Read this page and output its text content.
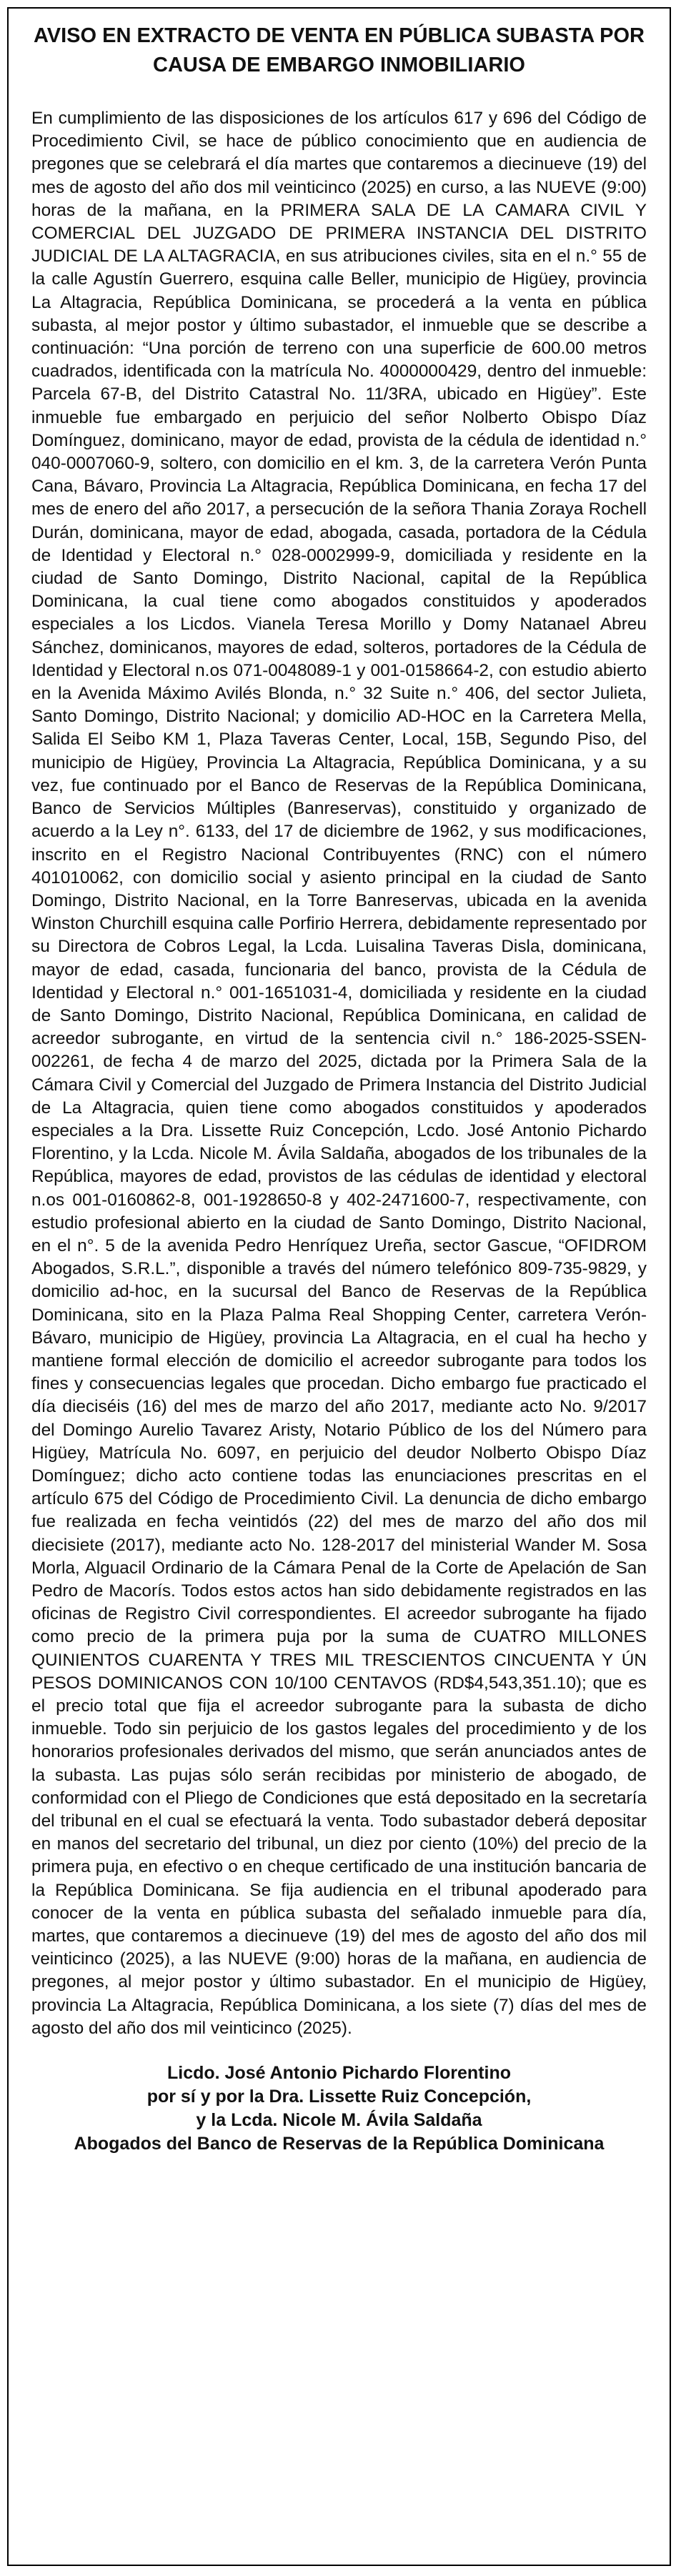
AVISO EN EXTRACTO DE VENTA EN PÚBLICA SUBASTA POR CAUSA DE EMBARGO INMOBILIARIO

En cumplimiento de las disposiciones de los artículos 617 y 696 del Código de Procedimiento Civil, se hace de público conocimiento que en audiencia de pregones que se celebrará el día martes que contaremos a diecinueve (19) del mes de agosto del año dos mil veinticinco (2025) en curso, a las NUEVE (9:00) horas de la mañana, en la PRIMERA SALA DE LA CAMARA CIVIL Y COMERCIAL DEL JUZGADO DE PRIMERA INSTANCIA DEL DISTRITO JUDICIAL DE LA ALTAGRACIA, en sus atribuciones civiles, sita en el n.° 55 de la calle Agustín Guerrero, esquina calle Beller, municipio de Higüey, provincia La Altagracia, República Dominicana, se procederá a la venta en pública subasta, al mejor postor y último subastador, el inmueble que se describe a continuación: “Una porción de terreno con una superficie de 600.00 metros cuadrados, identificada con la matrícula No. 4000000429, dentro del inmueble: Parcela 67-B, del Distrito Catastral No. 11/3RA, ubicado en Higüey”. Este inmueble fue embargado en perjuicio del señor Nolberto Obispo Díaz Domínguez, dominicano, mayor de edad, provista de la cédula de identidad n.° 040-0007060-9, soltero, con domicilio en el km. 3, de la carretera Verón Punta Cana, Bávaro, Provincia La Altagracia, República Dominicana, en fecha 17 del mes de enero del año 2017, a persecución de la señora Thania Zoraya Rochell Durán, dominicana, mayor de edad, abogada, casada, portadora de la Cédula de Identidad y Electoral n.° 028-0002999-9, domiciliada y residente en la ciudad de Santo Domingo, Distrito Nacional, capital de la República Dominicana, la cual tiene como abogados constituidos y apoderados especiales a los Licdos. Vianela Teresa Morillo y Domy Natanael Abreu Sánchez, dominicanos, mayores de edad, solteros, portadores de la Cédula de Identidad y Electoral n.os 071-0048089-1 y 001-0158664-2, con estudio abierto en la Avenida Máximo Avilés Blonda, n.° 32 Suite n.° 406, del sector Julieta, Santo Domingo, Distrito Nacional; y domicilio AD-HOC en la Carretera Mella, Salida El Seibo KM 1, Plaza Taveras Center, Local, 15B, Segundo Piso, del municipio de Higüey, Provincia La Altagracia, República Dominicana, y a su vez, fue continuado por el Banco de Reservas de la República Dominicana, Banco de Servicios Múltiples (Banreservas), constituido y organizado de acuerdo a la Ley n°. 6133, del 17 de diciembre de 1962, y sus modificaciones, inscrito en el Registro Nacional Contribuyentes (RNC) con el número 401010062, con domicilio social y asiento principal en la ciudad de Santo Domingo, Distrito Nacional, en la Torre Banreservas, ubicada en la avenida Winston Churchill esquina calle Porfirio Herrera, debidamente representado por su Directora de Cobros Legal, la Lcda. Luisalina Taveras Disla, dominicana, mayor de edad, casada, funcionaria del banco, provista de la Cédula de Identidad y Electoral n.° 001-1651031-4, domiciliada y residente en la ciudad de Santo Domingo, Distrito Nacional, República Dominicana, en calidad de acreedor subrogante, en virtud de la sentencia civil n.° 186-2025-SSEN-002261, de fecha 4 de marzo del 2025, dictada por la Primera Sala de la Cámara Civil y Comercial del Juzgado de Primera Instancia del Distrito Judicial de La Altagracia, quien tiene como abogados constituidos y apoderados especiales a la Dra. Lissette Ruiz Concepción, Lcdo. José Antonio Pichardo Florentino, y la Lcda. Nicole M. Ávila Saldaña, abogados de los tribunales de la República, mayores de edad, provistos de las cédulas de identidad y electoral n.os 001-0160862-8, 001-1928650-8 y 402-2471600-7, respectivamente, con estudio profesional abierto en la ciudad de Santo Domingo, Distrito Nacional, en el n°. 5 de la avenida Pedro Henríquez Ureña, sector Gascue, “OFIDROM Abogados, S.R.L.”, disponible a través del número telefónico 809-735-9829, y domicilio ad-hoc, en la sucursal del Banco de Reservas de la República Dominicana, sito en la Plaza Palma Real Shopping Center, carretera Verón-Bávaro, municipio de Higüey, provincia La Altagracia, en el cual ha hecho y mantiene formal elección de domicilio el acreedor subrogante para todos los fines y consecuencias legales que procedan. Dicho embargo fue practicado el día dieciséis (16) del mes de marzo del año 2017, mediante acto No. 9/2017 del Domingo Aurelio Tavarez Aristy, Notario Público de los del Número para Higüey, Matrícula No. 6097, en perjuicio del deudor Nolberto Obispo Díaz Domínguez; dicho acto contiene todas las enunciaciones prescritas en el artículo 675 del Código de Procedimiento Civil. La denuncia de dicho embargo fue realizada en fecha veintidós (22) del mes de marzo del año dos mil diecisiete (2017), mediante acto No. 128-2017 del ministerial Wander M. Sosa Morla, Alguacil Ordinario de la Cámara Penal de la Corte de Apelación de San Pedro de Macorís. Todos estos actos han sido debidamente registrados en las oficinas de Registro Civil correspondientes. El acreedor subrogante ha fijado como precio de la primera puja por la suma de CUATRO MILLONES QUINIENTOS CUARENTA Y TRES MIL TRESCIENTOS CINCUENTA Y ÚN PESOS DOMINICANOS CON 10/100 CENTAVOS (RD$4,543,351.10); que es el precio total que fija el acreedor subrogante para la subasta de dicho inmueble. Todo sin perjuicio de los gastos legales del procedimiento y de los honorarios profesionales derivados del mismo, que serán anunciados antes de la subasta. Las pujas sólo serán recibidas por ministerio de abogado, de conformidad con el Pliego de Condiciones que está depositado en la secretaría del tribunal en el cual se efectuará la venta. Todo subastador deberá depositar en manos del secretario del tribunal, un diez por ciento (10%) del precio de la primera puja, en efectivo o en cheque certificado de una institución bancaria de la República Dominicana. Se fija audiencia en el tribunal apoderado para conocer de la venta en pública subasta del señalado inmueble para día, martes, que contaremos a diecinueve (19) del mes de agosto del año dos mil veinticinco (2025), a las NUEVE (9:00) horas de la mañana, en audiencia de pregones, al mejor postor y último subastador. En el municipio de Higüey, provincia La Altagracia, República Dominicana, a los siete (7) días del mes de agosto del año dos mil veinticinco (2025).

Licdo. José Antonio Pichardo Florentino
por sí y por la Dra. Lissette Ruiz Concepción,
y la Lcda. Nicole M. Ávila Saldaña
Abogados del Banco de Reservas de la República Dominicana
